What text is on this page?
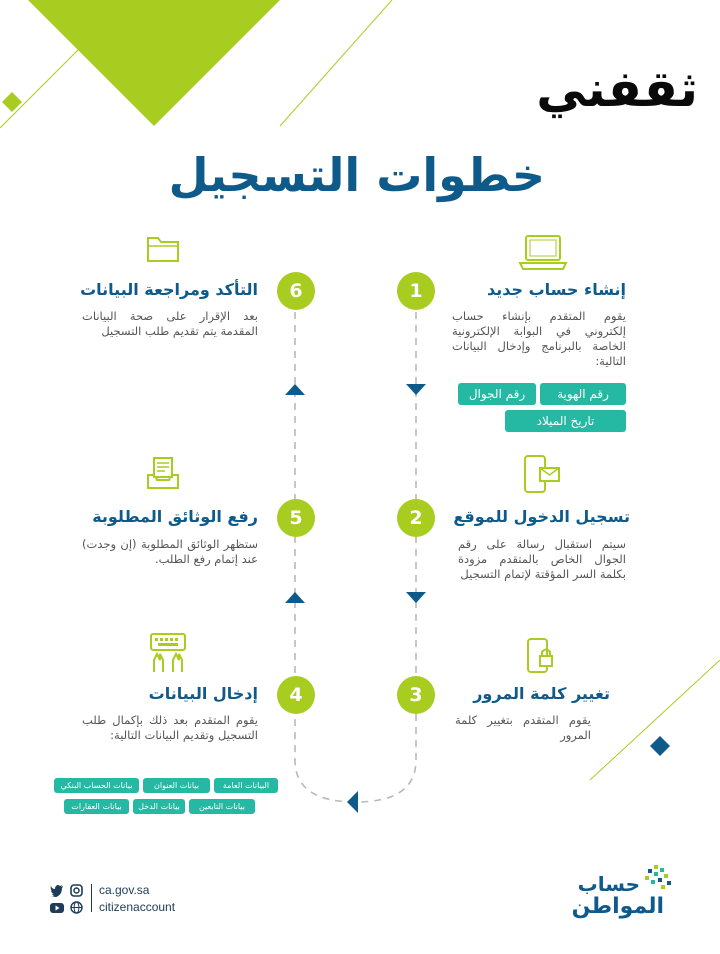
ثقفني
خطوات التسجيل
1	إنشاء حساب جديد
يقوم المتقدم بإنشاء حساب إلكتروني في البوابة الإلكترونية الخاصة بالبرنامج وإدخال البيانات التالية:
رقم الهوية
رقم الجوال
تاريخ الميلاد
2	تسجيل الدخول للموقع
سيتم استقبال رسالة على رقم الجوال الخاص بالمتقدم مزودة بكلمة السر المؤقتة لإتمام التسجيل
3	تغيير كلمة المرور
يقوم المتقدم بتغيير كلمة المرور
4
إدخال البيانات
يقوم المتقدم بعد ذلك بإكمال طلب التسجيل وتقديم البيانات التالية:
البيانات العامة
بيانات العنوان
بيانات الحساب البنكي
بيانات التابعين
بيانات الدخل
بيانات العقارات
5
رفع الوثائق المطلوبة
ستظهر الوثائق المطلوبة (إن وجدت) عند إتمام رفع الطلب.
6
التأكد ومراجعة البيانات
بعد الإقرار على صحة البيانات المقدمة يتم تقديم طلب التسجيل
ca.gov.sa
citizenaccount
حساب
المواطن
